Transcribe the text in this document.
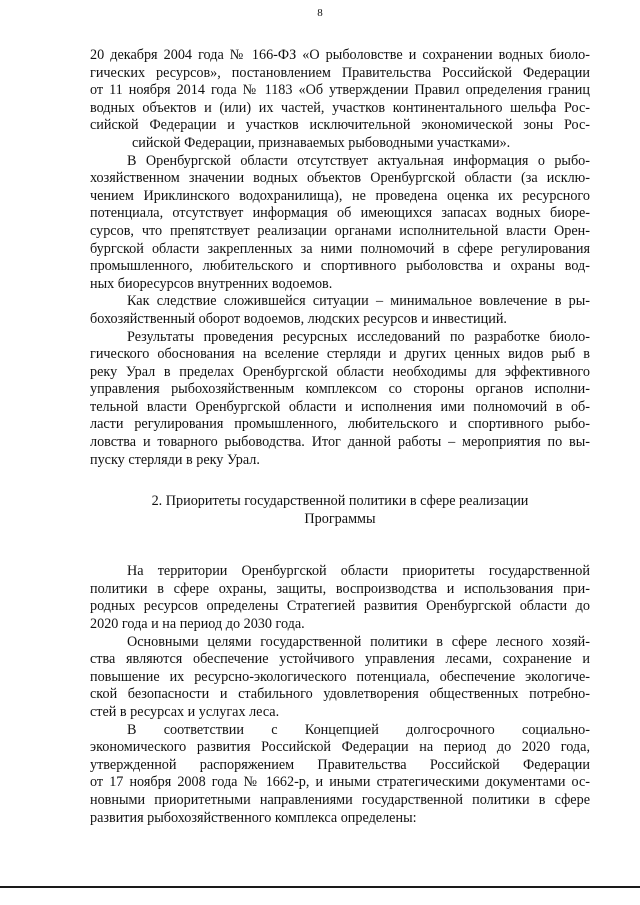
8
20 декабря 2004 года № 166-ФЗ «О рыболовстве и сохранении водных биоло-
гических ресурсов», постановлением Правительства Российской Федерации
от 11 ноября 2014 года № 1183 «Об утверждении Правил определения границ
водных объектов и (или) их частей, участков континентального шельфа Рос-
сийской Федерации и участков исключительной экономической зоны Рос-
сийской Федерации, признаваемых рыбоводными участками».
В Оренбургской области отсутствует актуальная информация о рыбо-
хозяйственном значении водных объектов Оренбургской области (за исклю-
чением Ириклинского водохранилища), не проведена оценка их ресурсного
потенциала, отсутствует информация об имеющихся запасах водных биоре-
сурсов, что препятствует реализации органами исполнительной власти Орен-
бургской области закрепленных за ними полномочий в сфере регулирования
промышленного, любительского и спортивного рыболовства и охраны вод-
ных биоресурсов внутренних водоемов.
Как следствие сложившейся ситуации – минимальное вовлечение в ры-
бохозяйственный оборот водоемов, людских ресурсов и инвестиций.
Результаты проведения ресурсных исследований по разработке биоло-
гического обоснования на вселение стерляди и других ценных видов рыб в
реку Урал в пределах Оренбургской области необходимы для эффективного
управления рыбохозяйственным комплексом со стороны органов исполни-
тельной власти Оренбургской области и исполнения ими полномочий в об-
ласти регулирования промышленного, любительского и спортивного рыбо-
ловства и товарного рыбоводства. Итог данной работы – мероприятия по вы-
пуску стерляди в реку Урал.
2. Приоритеты государственной политики в сфере реализации
Программы
На территории Оренбургской области приоритеты государственной
политики в сфере охраны, защиты, воспроизводства и использования при-
родных ресурсов определены Стратегией развития Оренбургской области до
2020 года и на период до 2030 года.
Основными целями государственной политики в сфере лесного хозяй-
ства являются обеспечение устойчивого управления лесами, сохранение и
повышение их ресурсно-экологического потенциала, обеспечение экологиче-
ской безопасности и стабильного удовлетворения общественных потребно-
стей в ресурсах и услугах леса.
В соответствии с Концепцией долгосрочного социально-
экономического развития Российской Федерации на период до 2020 года,
утвержденной распоряжением Правительства Российской Федерации
от 17 ноября 2008 года № 1662-р, и иными стратегическими документами ос-
новными приоритетными направлениями государственной политики в сфере
развития рыбохозяйственного комплекса определены:
